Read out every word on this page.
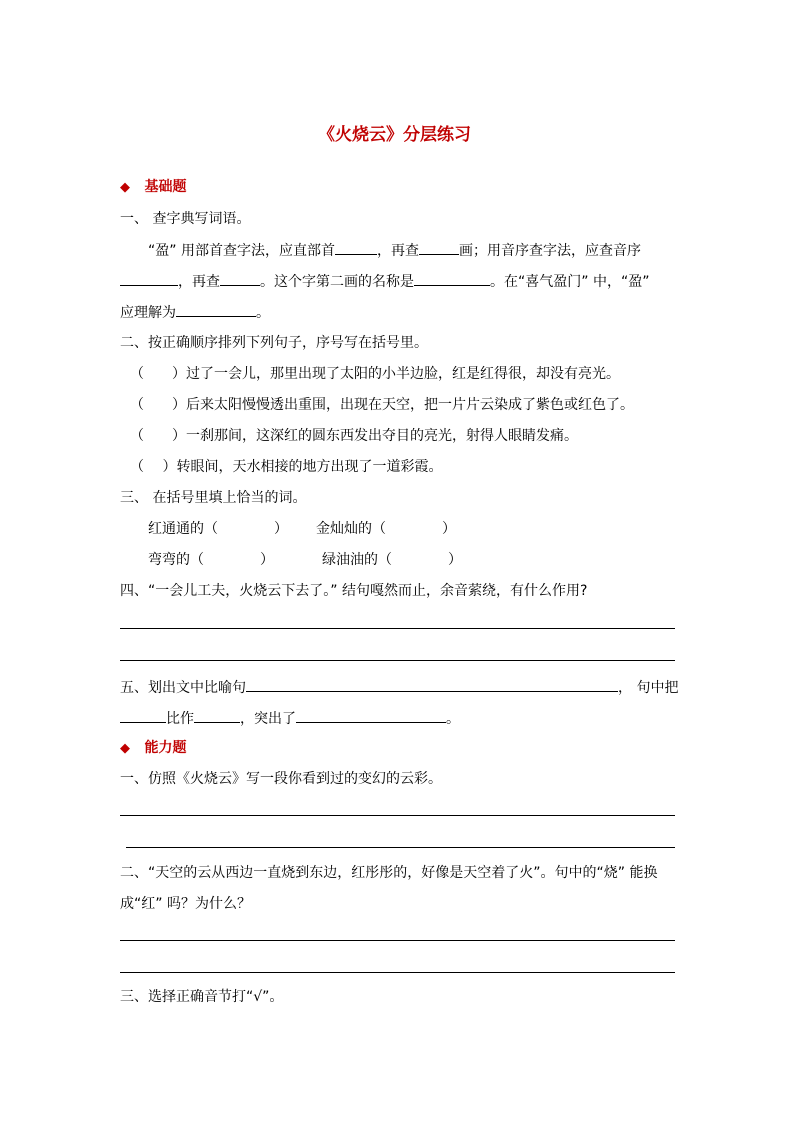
《火烧云》分层练习
◆ 基础题
一、 查字典写词语。
“盈” 用部首查字法，应直部首	，再查	画；用音序查字法，应查音序
，再查	。这个字第二画的名称是	。在“喜气盈门” 中，“盈”
应理解为	。
二、按正确顺序排列下列句子，序号写在括号里。
（　　）过了一会儿，那里出现了太阳的小半边脸，红是红得很，却没有亮光。
（　　）后来太阳慢慢透出重围，出现在天空，把一片片云染成了紫色或红色了。
（　　）一刹那间，这深红的圆东西发出夺目的亮光，射得人眼睛发痛。
（　 ）转眼间，天水相接的地方出现了一道彩霞。
三、 在括号里填上恰当的词。
红通通的（　　　　） 金灿灿的（　　　　）
弯弯的（　　　　）	绿油油的（　　　　）
四、“一会儿工夫，火烧云下去了。” 结句嘎然而止，余音萦绕，有什么作用?
五、划出文中比喻句	， 句中把
比作	，突出了	。
◆ 能力题
一、仿照《火烧云》写一段你看到过的变幻的云彩。
二、“天空的云从西边一直烧到东边，红彤彤的，好像是天空着了火”。句中的“烧” 能换
成“红” 吗？为什么？
三、选择正确音节打“√”。
